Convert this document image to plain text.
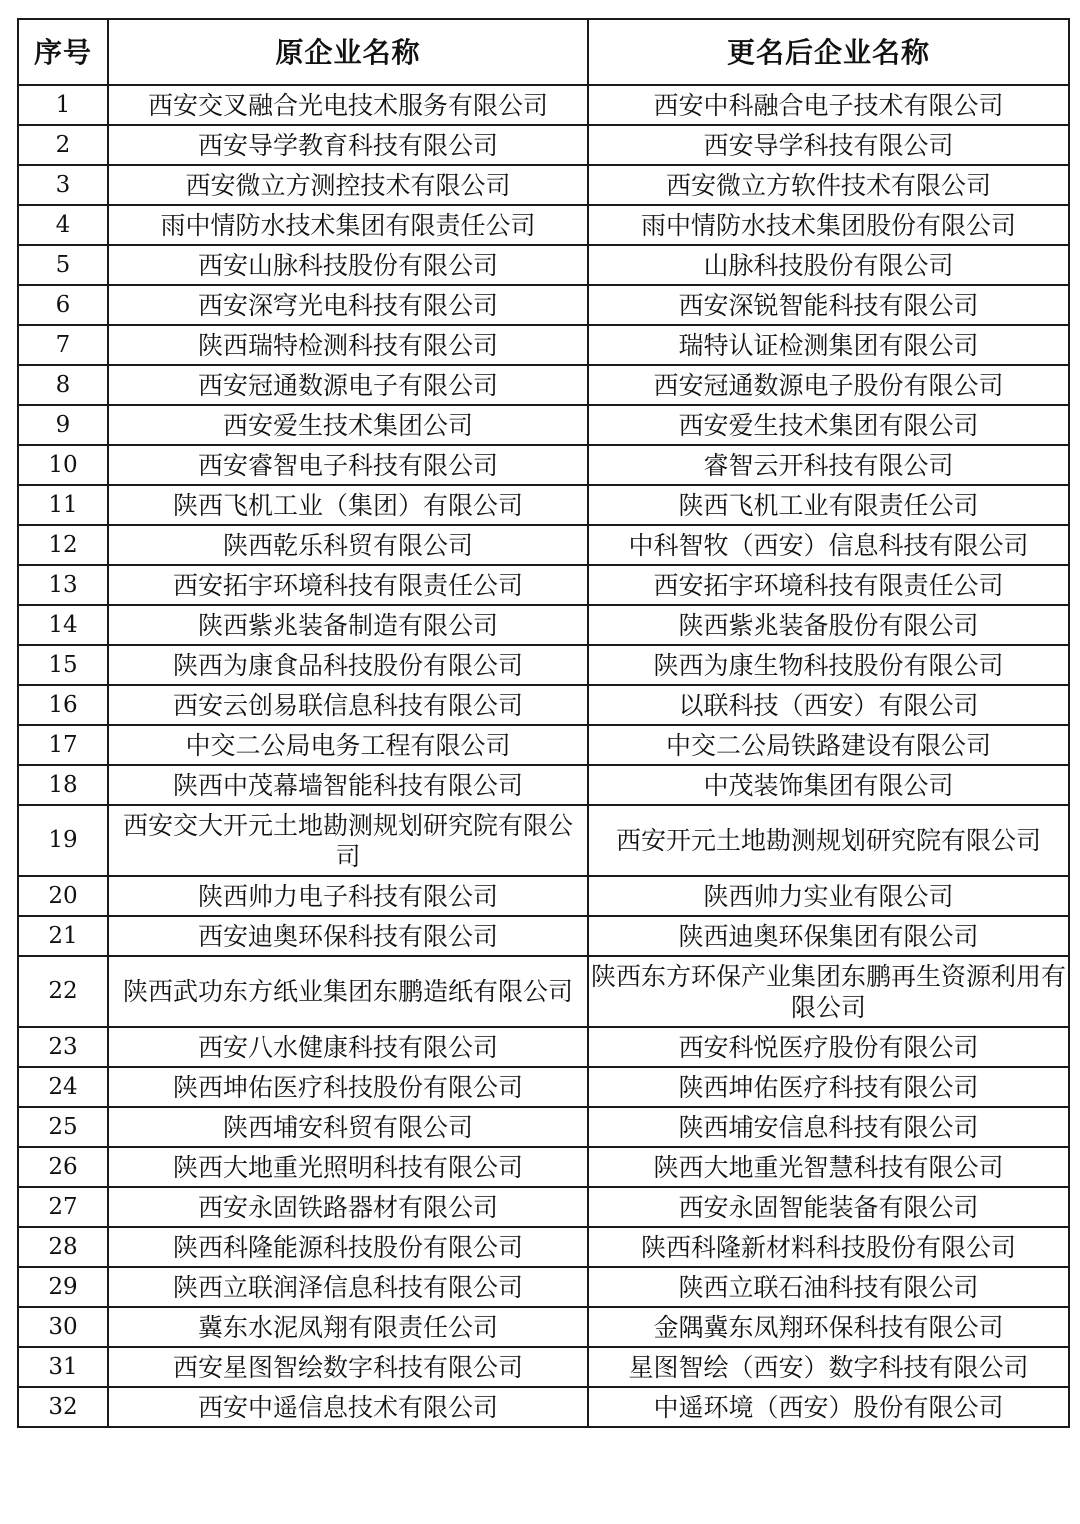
序号	原企业名称	更名后企业名称
1	西安交叉融合光电技术服务有限公司	西安中科融合电子技术有限公司
2	西安导学教育科技有限公司	西安导学科技有限公司
3	西安微立方测控技术有限公司	西安微立方软件技术有限公司
4	雨中情防水技术集团有限责任公司	雨中情防水技术集团股份有限公司
5	西安山脉科技股份有限公司	山脉科技股份有限公司
6	西安深穹光电科技有限公司	西安深锐智能科技有限公司
7	陕西瑞特检测科技有限公司	瑞特认证检测集团有限公司
8	西安冠通数源电子有限公司	西安冠通数源电子股份有限公司
9	西安爱生技术集团公司	西安爱生技术集团有限公司
10	西安睿智电子科技有限公司	睿智云开科技有限公司
11	陕西飞机工业（集团）有限公司	陕西飞机工业有限责任公司
12	陕西乾乐科贸有限公司	中科智牧（西安）信息科技有限公司
13	西安拓宇环境科技有限责任公司	西安拓宇环境科技有限责任公司
14	陕西紫兆装备制造有限公司	陕西紫兆装备股份有限公司
15	陕西为康食品科技股份有限公司	陕西为康生物科技股份有限公司
16	西安云创易联信息科技有限公司	以联科技（西安）有限公司
17	中交二公局电务工程有限公司	中交二公局铁路建设有限公司
18	陕西中茂幕墙智能科技有限公司	中茂装饰集团有限公司
19	西安交大开元土地勘测规划研究院有限公司	西安开元土地勘测规划研究院有限公司
20	陕西帅力电子科技有限公司	陕西帅力实业有限公司
21	西安迪奥环保科技有限公司	陕西迪奥环保集团有限公司
22	陕西武功东方纸业集团东鹏造纸有限公司	陕西东方环保产业集团东鹏再生资源利用有限公司
23	西安八水健康科技有限公司	西安科悦医疗股份有限公司
24	陕西坤佑医疗科技股份有限公司	陕西坤佑医疗科技有限公司
25	陕西埔安科贸有限公司	陕西埔安信息科技有限公司
26	陕西大地重光照明科技有限公司	陕西大地重光智慧科技有限公司
27	西安永固铁路器材有限公司	西安永固智能装备有限公司
28	陕西科隆能源科技股份有限公司	陕西科隆新材料科技股份有限公司
29	陕西立联润泽信息科技有限公司	陕西立联石油科技有限公司
30	冀东水泥凤翔有限责任公司	金隅冀东凤翔环保科技有限公司
31	西安星图智绘数字科技有限公司	星图智绘（西安）数字科技有限公司
32	西安中遥信息技术有限公司	中遥环境（西安）股份有限公司
